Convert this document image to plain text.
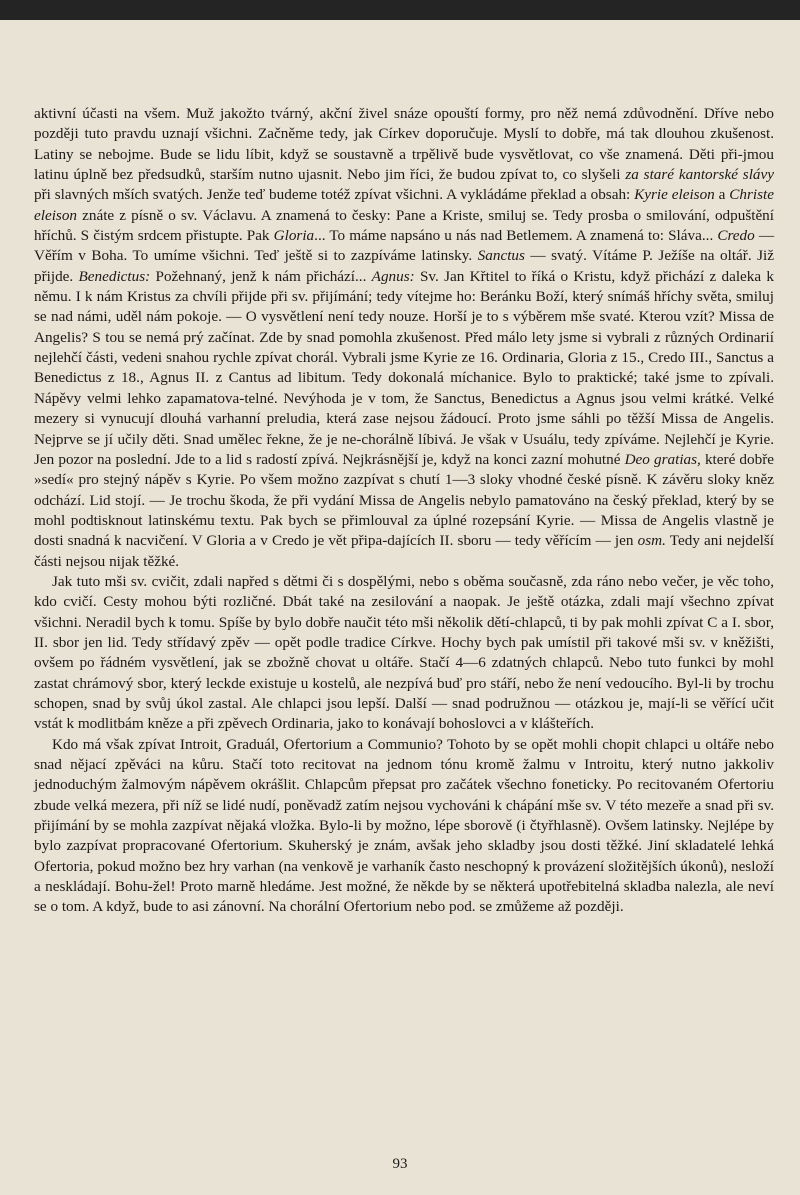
aktivní účasti na všem. Muž jakožto tvárný, akční živel snáze opouští formy, pro něž nemá zdůvodnění. Dříve nebo později tuto pravdu uznají všichni. Začněme tedy, jak Církev doporučuje. Myslí to dobře, má tak dlouhou zkušenost. Latiny se nebojme. Bude se lidu líbit, když se soustavně a trpělivě bude vysvětlovat, co vše znamená. Děti při-jmou latinu úplně bez předsudků, starším nutno ujasnit. Nebo jim říci, že budou zpívat to, co slyšeli za staré kantorské slávy při slavných mších svatých. Jenže teď budeme totéž zpívat všichni. A vykládáme překlad a obsah: Kyrie eleison a Christe eleison znáte z písně o sv. Václavu. A znamená to česky: Pane a Kriste, smiluj se. Tedy prosba o smilování, odpuštění hříchů. S čistým srdcem přistupte. Pak Gloria... To máme napsáno u nás nad Betlemem. A znamená to: Sláva... Credo — Věřím v Boha. To umíme všichni. Teď ještě si to zazpíváme latinsky. Sanctus — svatý. Vítáme P. Ježíše na oltář. Již přijde. Benedictus: Požehnaný, jenž k nám přichází... Agnus: Sv. Jan Křtitel to říká o Kristu, když přichází z daleka k němu. I k nám Kristus za chvíli přijde při sv. přijímání; tedy vítejme ho: Beránku Boží, který snímáš hříchy světa, smiluj se nad námi, uděl nám pokoje. — O vysvětlení není tedy nouze. Horší je to s výběrem mše svaté. Kterou vzít? Missa de Angelis? S tou se nemá prý začínat. Zde by snad pomohla zkušenost. Před málo lety jsme si vybrali z různých Ordinarií nejlehčí části, vedeni snahou rychle zpívat chorál. Vybrali jsme Kyrie ze 16. Ordinaria, Gloria z 15., Credo III., Sanctus a Benedictus z 18., Agnus II. z Cantus ad libitum. Tedy dokonalá míchanice. Bylo to praktické; také jsme to zpívali. Nápěvy velmi lehko zapamatova-telné. Nevýhoda je v tom, že Sanctus, Benedictus a Agnus jsou velmi krátké. Velké mezery si vynucují dlouhá varhanní preludia, která zase nejsou žádoucí. Proto jsme sáhli po těžší Missa de Angelis. Nejprve se jí učily děti. Snad umělec řekne, že je ne-chorálně líbivá. Je však v Usuálu, tedy zpíváme. Nejlehčí je Kyrie. Jen pozor na poslední. Jde to a lid s radostí zpívá. Nejkrásnější je, když na konci zazní mohutné Deo gratias, které dobře »sedí« pro stejný nápěv s Kyrie. Po všem možno zazpívat s chutí 1—3 sloky vhodné české písně. K závěru sloky kněz odchází. Lid stojí. — Je trochu škoda, že při vydání Missa de Angelis nebylo pamatováno na český překlad, který by se mohl podtisknout latinskému textu. Pak bych se přimlouval za úplné rozepsání Kyrie. — Missa de Angelis vlastně je dosti snadná k nacvičení. V Gloria a v Credo je vět připa-dajících II. sboru — tedy věřícím — jen osm. Tedy ani nejdelší části nejsou nijak těžké.

Jak tuto mši sv. cvičit, zdali napřed s dětmi či s dospělými, nebo s oběma současně, zda ráno nebo večer, je věc toho, kdo cvičí. Cesty mohou býti rozličné. Dbát také na zesilování a naopak. Je ještě otázka, zdali mají všechno zpívat všichni. Neradil bych k tomu. Spíše by bylo dobře naučit této mši několik dětí-chlapců, ti by pak mohli zpívat C a I. sbor, II. sbor jen lid. Tedy střídavý zpěv — opět podle tradice Církve. Hochy bych pak umístil při takové mši sv. v kněžišti, ovšem po řádném vysvětlení, jak se zbožně chovat u oltáře. Stačí 4—6 zdatných chlapců. Nebo tuto funkci by mohl zastat chrámový sbor, který leckde existuje u kostelů, ale nezpívá buď pro stáří, nebo že není vedoucího. Byl-li by trochu schopen, snad by svůj úkol zastal. Ale chlapci jsou lepší. Další — snad podružnou — otázkou je, mají-li se věřící učit vstát k modlitbám kněze a při zpěvech Ordinaria, jako to konávají bohoslovci a v klášteřích.

Kdo má však zpívat Introit, Graduál, Ofertorium a Communio? Tohoto by se opět mohli chopit chlapci u oltáře nebo snad nějací zpěváci na kůru. Stačí toto recitovat na jednom tónu kromě žalmu v Introitu, který nutno jakkoliv jednoduchým žalmovým nápěvem okrášlit. Chlapcům přepsat pro začátek všechno foneticky. Po recitovaném Ofertoriu zbude velká mezera, při níž se lidé nudí, poněvadž zatím nejsou vychováni k chápání mše sv. V této mezeře a snad při sv. přijímání by se mohla zazpívat nějaká vložka. Bylo-li by možno, lépe sborově (i čtyřhlasně). Ovšem latinsky. Nejlépe by bylo zazpívat propracované Ofertorium. Skuherský je znám, avšak jeho skladby jsou dosti těžké. Jiní skladatelé lehká Ofertoria, pokud možno bez hry varhan (na venkově je varhaník často neschopný k provázení složitějších úkonů), nesloží a neskládají. Bohu-žel! Proto marně hledáme. Jest možné, že někde by se některá upotřebitelná skladba nalezla, ale neví se o tom. A když, bude to asi zánovní. Na chorální Ofertorium nebo pod. se zmůžeme až později.

93
